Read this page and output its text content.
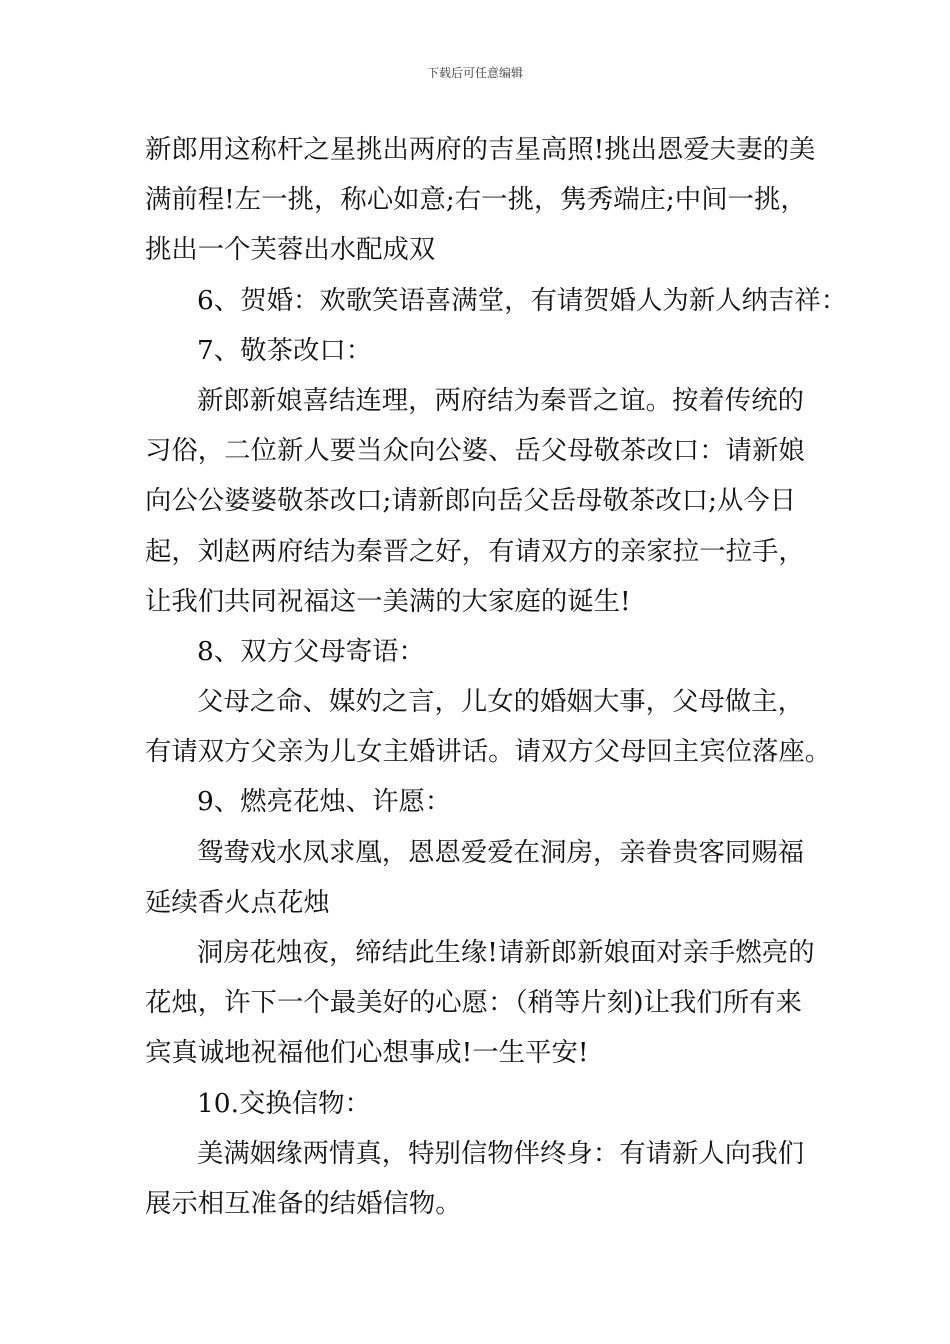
下载后可任意编辑
新郎用这称杆之星挑出两府的吉星高照!挑出恩爱夫妻的美
满前程!左一挑，称心如意;右一挑，隽秀端庄;中间一挑，
挑出一个芙蓉出水配成双
6、贺婚：欢歌笑语喜满堂，有请贺婚人为新人纳吉祥：
7、敬茶改口：
新郎新娘喜结连理，两府结为秦晋之谊。按着传统的
习俗，二位新人要当众向公婆、岳父母敬茶改口：请新娘
向公公婆婆敬茶改口;请新郎向岳父岳母敬茶改口;从今日
起，刘赵两府结为秦晋之好，有请双方的亲家拉一拉手，
让我们共同祝福这一美满的大家庭的诞生!
8、双方父母寄语：
父母之命、媒妁之言，儿女的婚姻大事，父母做主，
有请双方父亲为儿女主婚讲话。请双方父母回主宾位落座。
9、燃亮花烛、许愿：
鸳鸯戏水凤求凰，恩恩爱爱在洞房，亲眷贵客同赐福
延续香火点花烛
洞房花烛夜，缔结此生缘!请新郎新娘面对亲手燃亮的
花烛，许下一个最美好的心愿：（稍等片刻)让我们所有来
宾真诚地祝福他们心想事成!一生平安!
10.交换信物：
美满姻缘两情真，特别信物伴终身：有请新人向我们
展示相互准备的结婚信物。
